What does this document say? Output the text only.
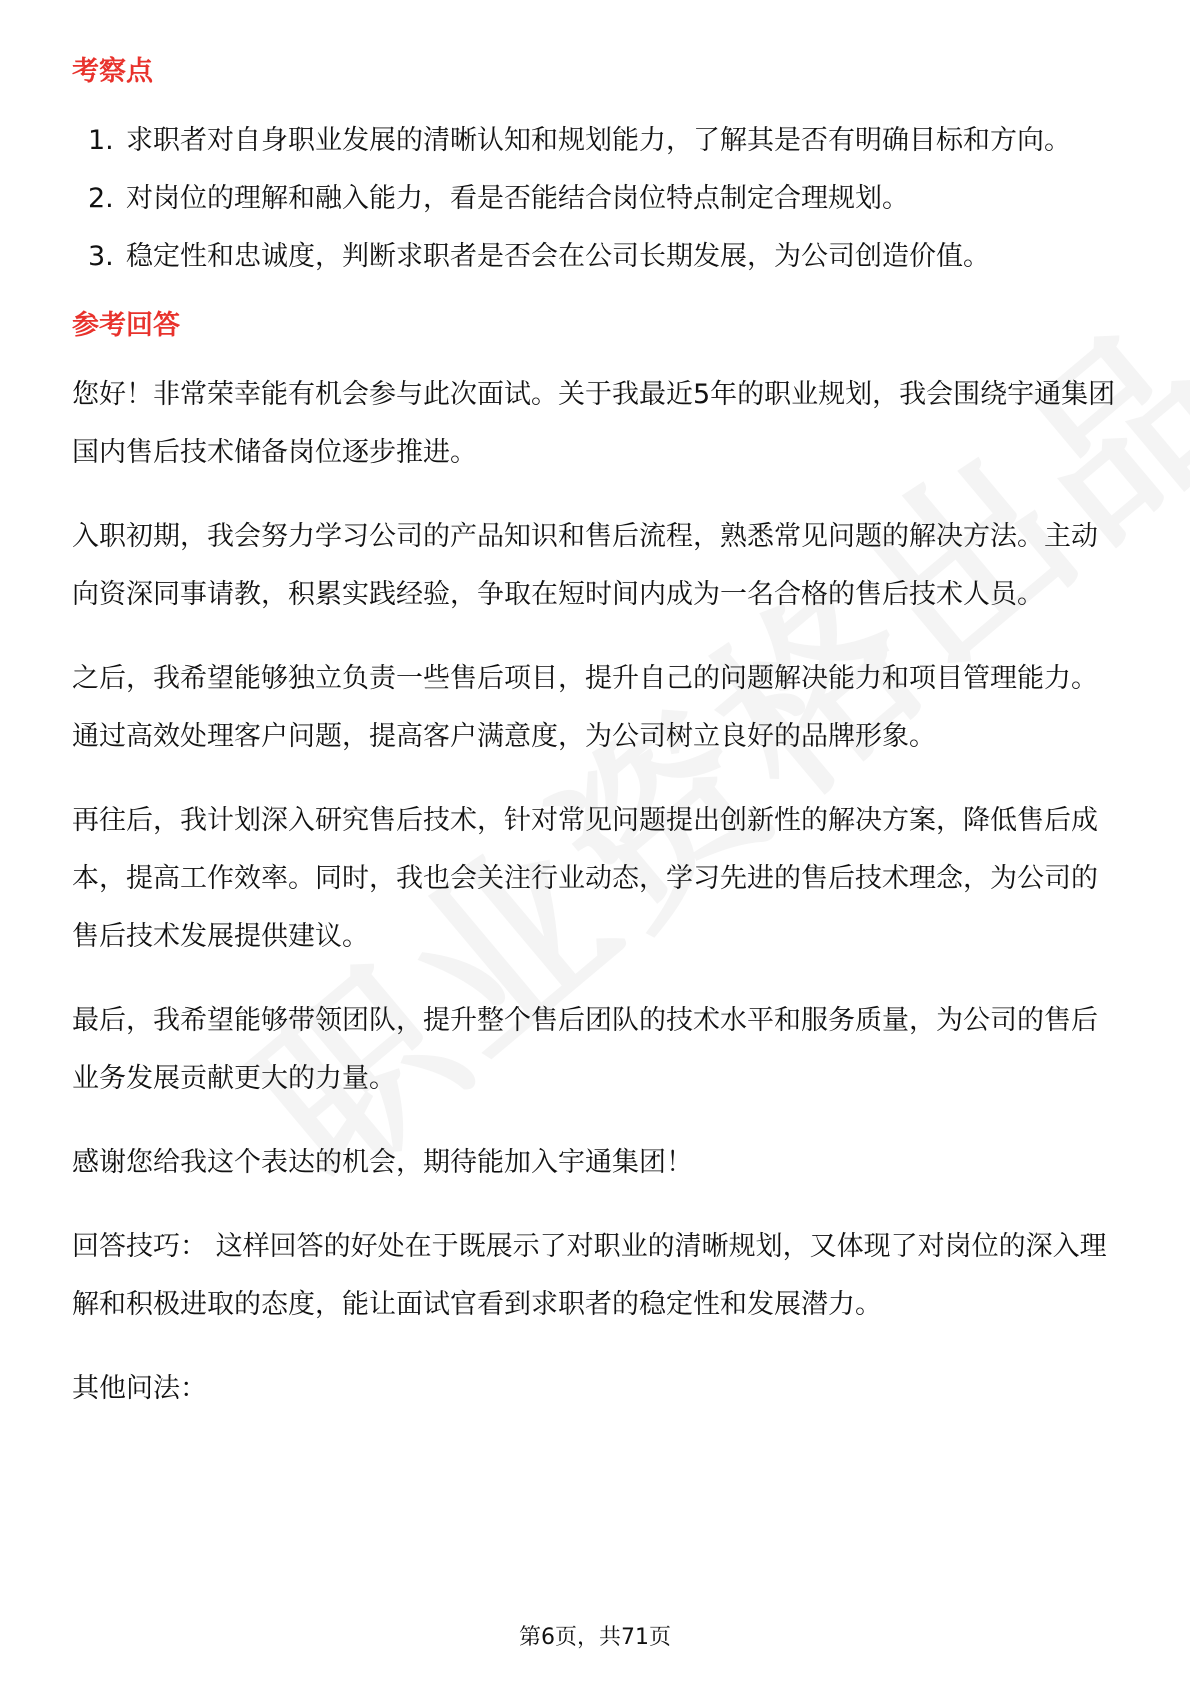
考察点
1. 求职者对自身职业发展的清晰认知和规划能力，了解其是否有明确目标和方向。
2. 对岗位的理解和融入能力，看是否能结合岗位特点制定合理规划。
3. 稳定性和忠诚度，判断求职者是否会在公司长期发展，为公司创造价值。
参考回答

您好！非常荣幸能有机会参与此次面试。关于我最近5年的职业规划，我会围绕宇通集团国内售后技术储备岗位逐步推进。

入职初期，我会努力学习公司的产品知识和售后流程，熟悉常见问题的解决方法。主动向资深同事请教，积累实践经验，争取在短时间内成为一名合格的售后技术人员。

之后，我希望能够独立负责一些售后项目，提升自己的问题解决能力和项目管理能力。通过高效处理客户问题，提高客户满意度，为公司树立良好的品牌形象。

再往后，我计划深入研究售后技术，针对常见问题提出创新性的解决方案，降低售后成本，提高工作效率。同时，我也会关注行业动态，学习先进的售后技术理念，为公司的售后技术发展提供建议。

最后，我希望能够带领团队，提升整个售后团队的技术水平和服务质量，为公司的售后业务发展贡献更大的力量。

感谢您给我这个表达的机会，期待能加入宇通集团！

回答技巧： 这样回答的好处在于既展示了对职业的清晰规划，又体现了对岗位的深入理解和积极进取的态度，能让面试官看到求职者的稳定性和发展潜力。

其他问法：

第6页，共71页
